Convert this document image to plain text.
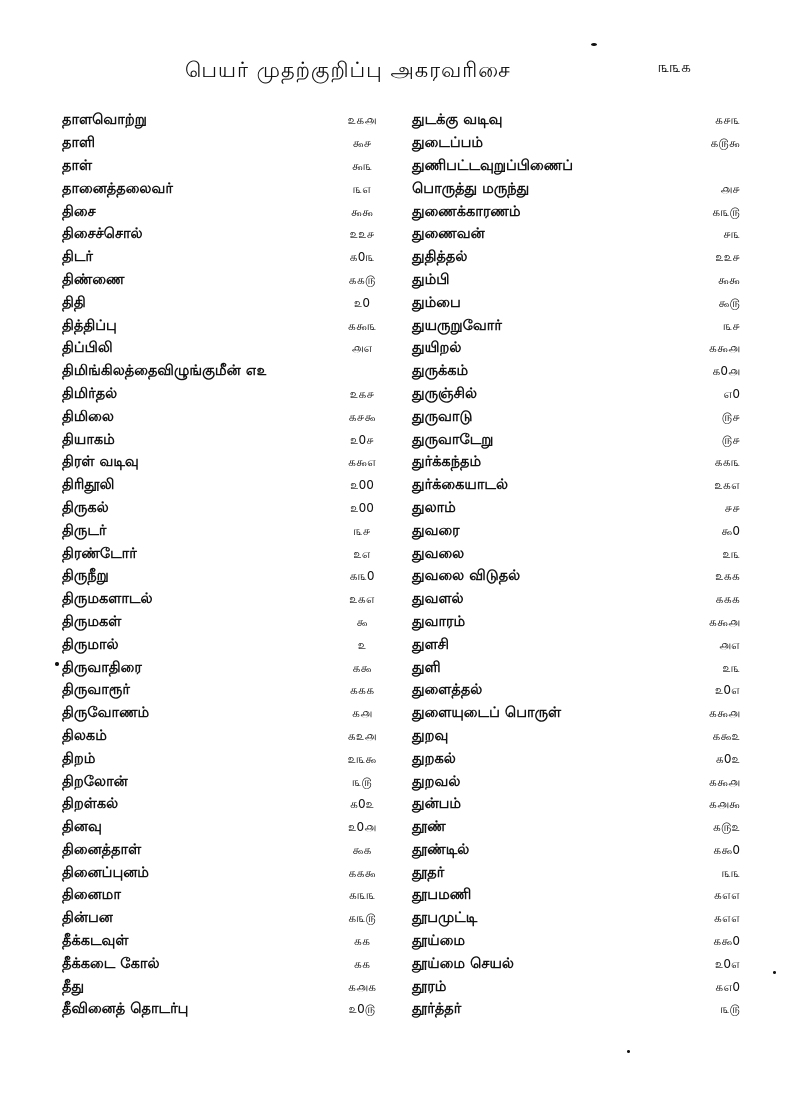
பெயர் முதற்குறிப்பு அகரவரிசை	௩௩௧
தாளவொற்று	௨௧௮
தாளி	௯௪
தாள்	௯௩
தானைத்தலைவர்	௩௭
திசை	௯௯
திசைச்சொல்	௨௨௪
திடர்	௧0௩
திண்ணை	௧௧௫
திதி	௨0
தித்திப்பு	௧௯௩
திப்பிலி	௮௭
திமிங்கிலத்தைவிழுங்குமீன் ௭௨
திமிர்தல்	௨௧௪
திமிலை	௧௪௯
தியாகம்	௨0௪
திரள் வடிவு	௧௯௭
திரிதூலி	௨00
திருகல்	௨00
திருடர்	௩௪
திரண்டோர்	௨௭
திருநீறு	௧௩0
திருமகளாடல்	௨௧௭
திருமகள்	௯
திருமால்	௨
திருவாதிரை	௧௯
திருவாரூர்	௧௧௧
திருவோணம்	௧௮
திலகம்	௧௨௮
திறம்	௨௩௯
திறலோன்	௩௫
திறள்கல்	௧0௨
தினவு	௨0௮
தினைத்தாள்	௯௧
தினைப்புனம்	௧௧௯
தினைமா	௧௩௩
தின்பன	௧௩௫
தீக்கடவுள்	௧௧
தீக்கடை கோல்	௧௧
தீது	௧௮௧
தீவினைத் தொடர்பு	௨0௫
துடக்கு வடிவு	௧௪௩
துடைப்பம்	௧௫௯
துணிபட்டவுறுப்பிணைப்
பொருத்து மருந்து	௮௪
துணைக்காரணம்	௧௩௫
துணைவன்	௪௩
துதித்தல்	௨௨௪
தும்பி	௯௯
தும்பை	௯௫
துயருறுவோர்	௩௪
துயிறல்	௧௯௮
துருக்கம்	௧0௮
துருஞ்சில்	௭0
துருவாடு	௫௪
துருவாடேறு	௫௪
துர்க்கந்தம்	௧௧௩
துர்க்கையாடல்	௨௧௭
துலாம்	௪௪
துவரை	௯0
துவலை	௨௩
துவலை விடுதல்	௨௧௧
துவளல்	௧௧௧
துவாரம்	௧௯௮
துளசி	௮௭
துளி	௨௩
துளைத்தல்	௨0௭
துளையுடைப் பொருள்	௧௯௮
துறவு	௧௯௨
துறகல்	௧0௨
துறவல்	௧௯௮
துன்பம்	௧௮௯
தூண்	௧௫௨
தூண்டில்	௧௯0
தூதர்	௩௩
தூபமணி	௧௭௭
தூபமுட்டி	௧௭௭
தூய்மை	௧௯0
தூய்மை செயல்	௨0௭
தூரம்	௧௭0
தூர்த்தர்	௩௫
